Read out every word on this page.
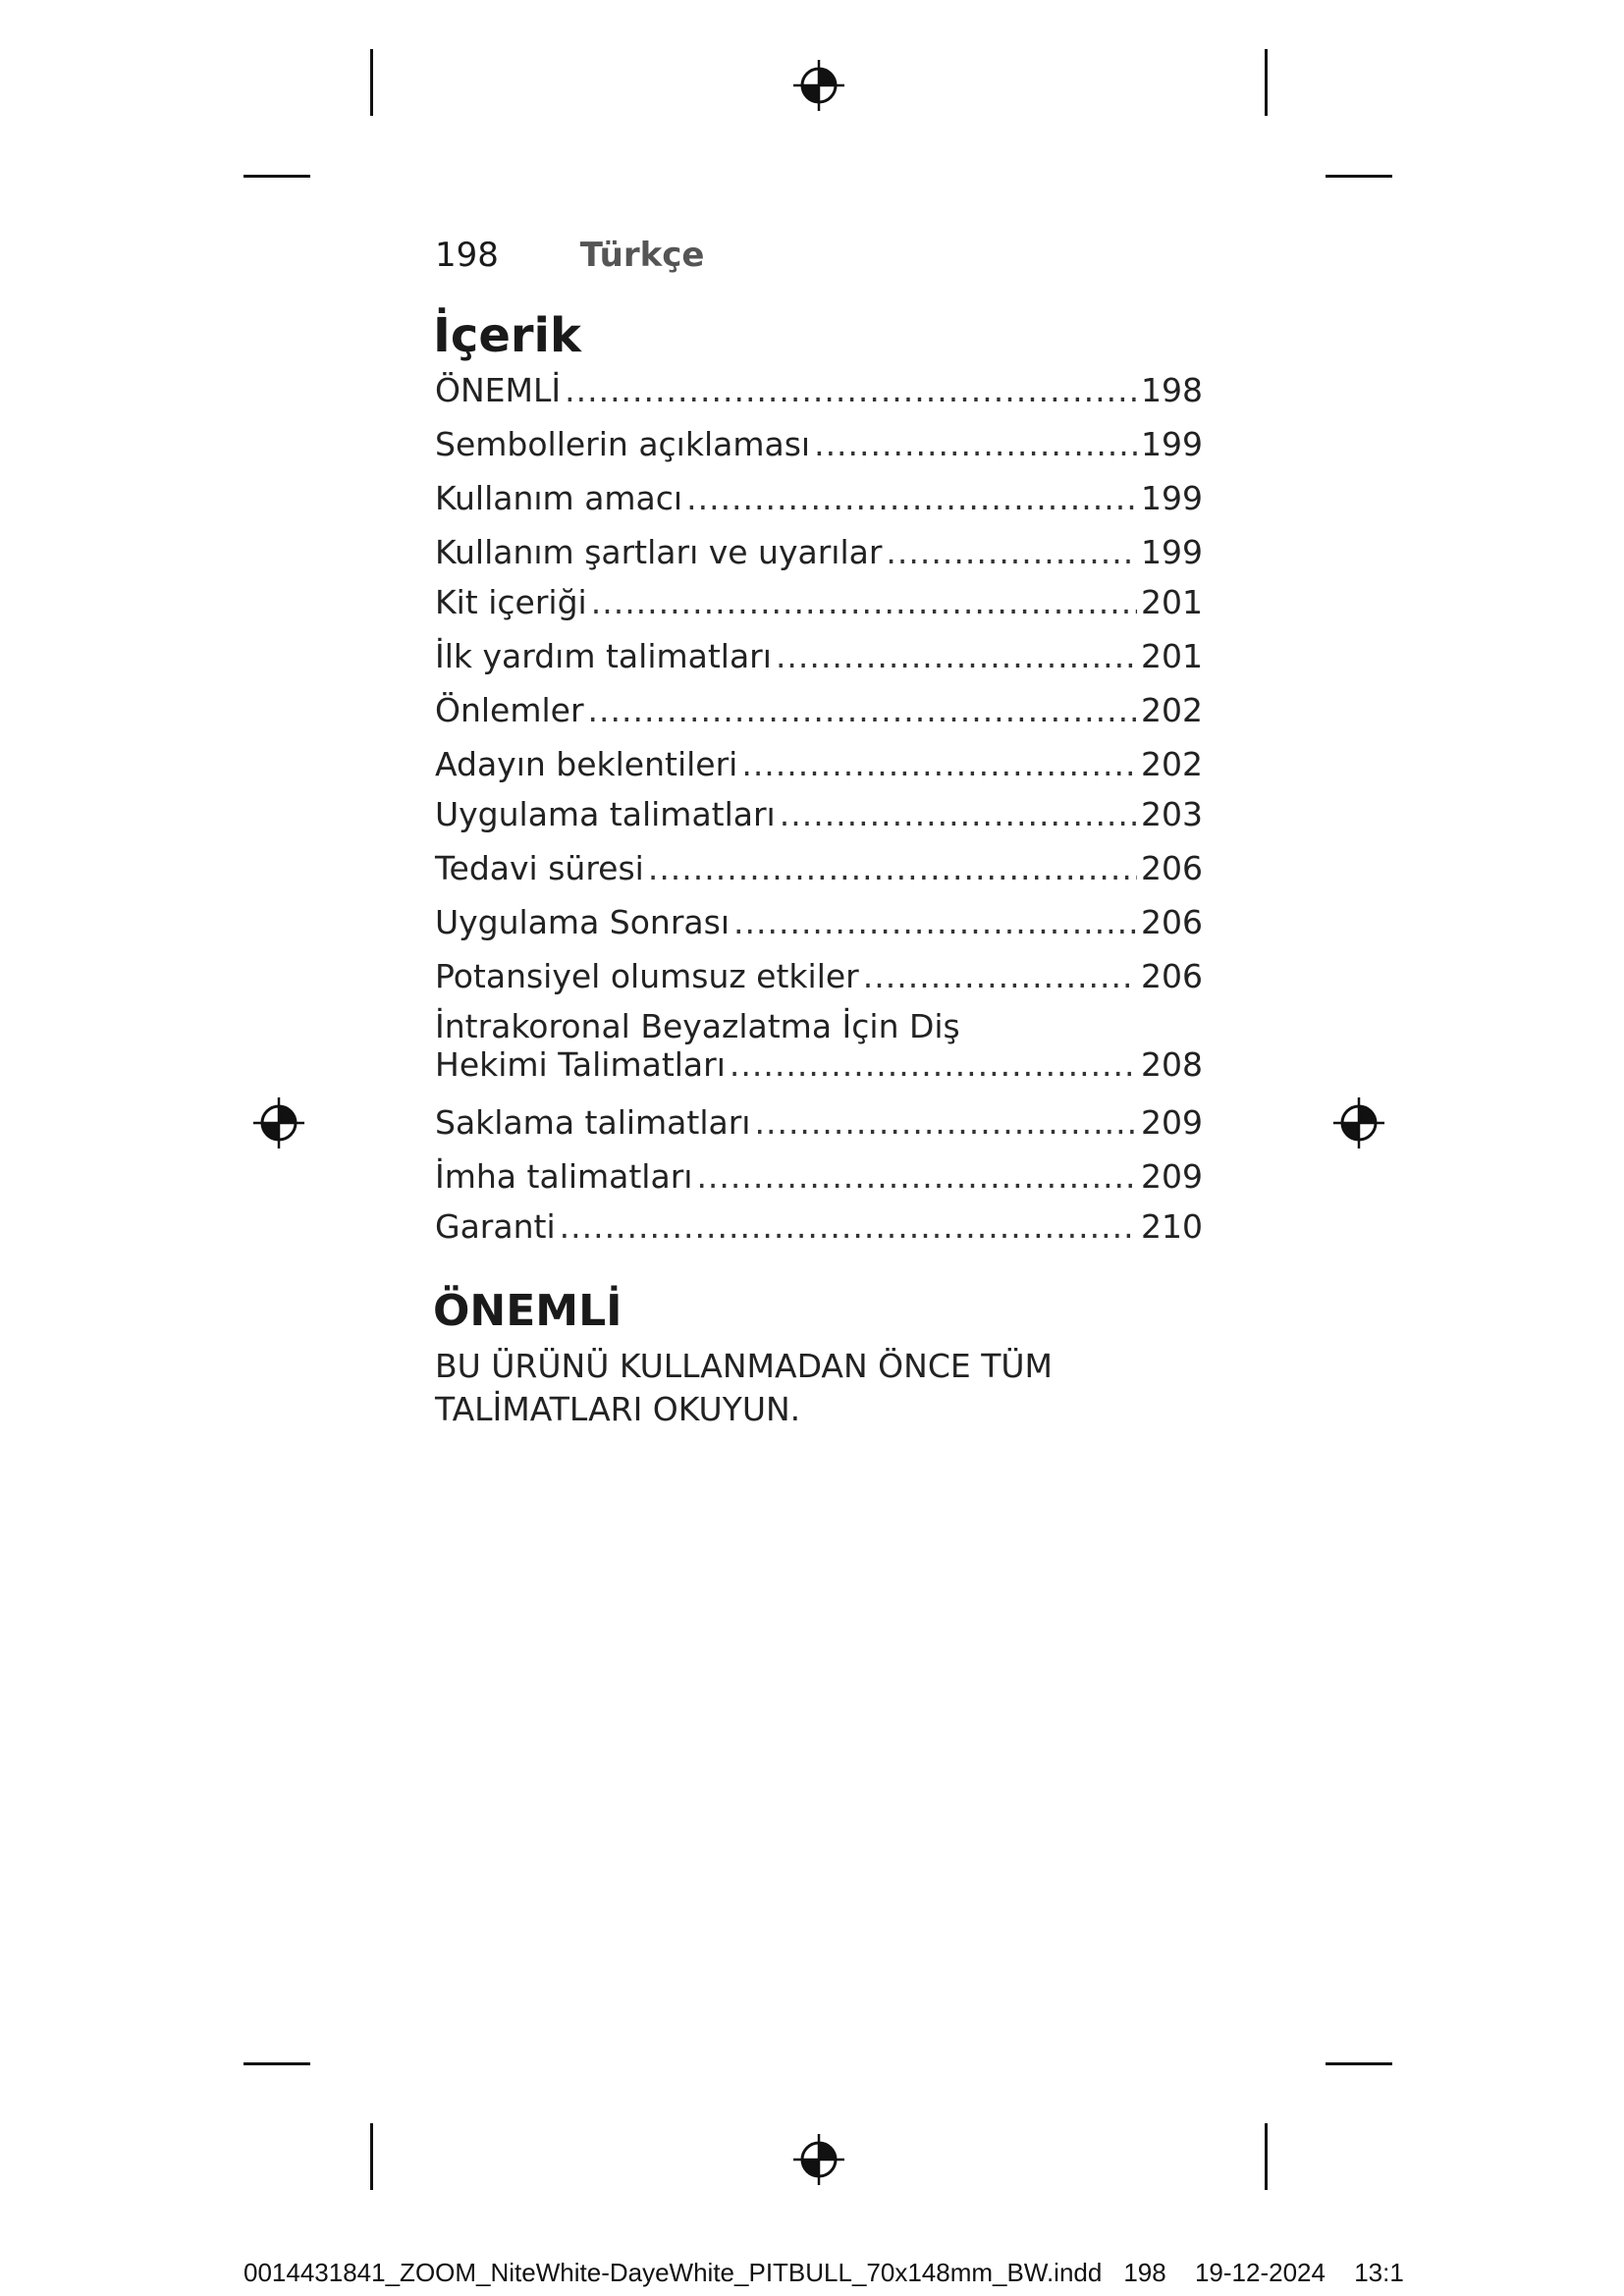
198 Türkçe
İçerik
ÖNEMLİ .....	198
Sembollerin açıklaması .....	199
Kullanım amacı .....	199
Kullanım şartları ve uyarılar .....	199
Kit içeriği .....	201
İlk yardım talimatları .....	201
Önlemler .....	202
Adayın beklentileri .....	202
Uygulama talimatları .....	203
Tedavi süresi .....	206
Uygulama Sonrası .....	206
Potansiyel olumsuz etkiler .....	206
İntrakoronal Beyazlatma İçin Diş
Hekimi Talimatları .....	208
Saklama talimatları .....	209
İmha talimatları .....	209
Garanti .....	210
ÖNEMLİ
BU ÜRÜNÜ KULLANMADAN ÖNCE TÜM
TALİMATLARI OKUYUN.
0014431841_ZOOM_NiteWhite-DayeWhite_PITBULL_70x148mm_BW.indd 198 19-12-2024 13:1
